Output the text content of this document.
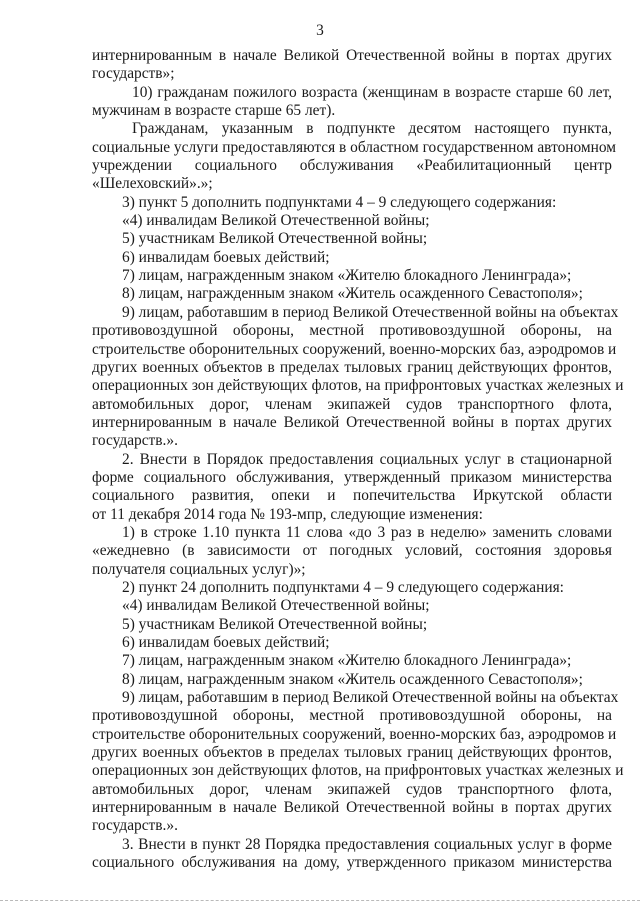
3
интернированным в начале Великой Отечественной войны в портах других
государств»;
10) гражданам пожилого возраста (женщинам в возрасте старше 60 лет,
мужчинам в возрасте старше 65 лет).
Гражданам, указанным в подпункте десятом настоящего пункта,
социальные услуги предоставляются в областном государственном автономном
учреждении социального обслуживания «Реабилитационный центр
«Шелеховский».»;
3) пункт 5 дополнить подпунктами 4 – 9 следующего содержания:
«4) инвалидам Великой Отечественной войны;
5) участникам Великой Отечественной войны;
6) инвалидам боевых действий;
7) лицам, награжденным знаком «Жителю блокадного Ленинграда»;
8) лицам, награжденным знаком «Житель осажденного Севастополя»;
9) лицам, работавшим в период Великой Отечественной войны на объектах
противовоздушной обороны, местной противовоздушной обороны, на
строительстве оборонительных сооружений, военно-морских баз, аэродромов и
других военных объектов в пределах тыловых границ действующих фронтов,
операционных зон действующих флотов, на прифронтовых участках железных и
автомобильных дорог, членам экипажей судов транспортного флота,
интернированным в начале Великой Отечественной войны в портах других
государств.».
2. Внести в Порядок предоставления социальных услуг в стационарной
форме социального обслуживания, утвержденный приказом министерства
социального развития, опеки и попечительства Иркутской области
от 11 декабря 2014 года № 193-мпр, следующие изменения:
1) в строке 1.10 пункта 11 слова «до 3 раз в неделю» заменить словами
«ежедневно (в зависимости от погодных условий, состояния здоровья
получателя социальных услуг)»;
2) пункт 24 дополнить подпунктами 4 – 9 следующего содержания:
«4) инвалидам Великой Отечественной войны;
5) участникам Великой Отечественной войны;
6) инвалидам боевых действий;
7) лицам, награжденным знаком «Жителю блокадного Ленинграда»;
8) лицам, награжденным знаком «Житель осажденного Севастополя»;
9) лицам, работавшим в период Великой Отечественной войны на объектах
противовоздушной обороны, местной противовоздушной обороны, на
строительстве оборонительных сооружений, военно-морских баз, аэродромов и
других военных объектов в пределах тыловых границ действующих фронтов,
операционных зон действующих флотов, на прифронтовых участках железных и
автомобильных дорог, членам экипажей судов транспортного флота,
интернированным в начале Великой Отечественной войны в портах других
государств.».
3. Внести в пункт 28 Порядка предоставления социальных услуг в форме
социального обслуживания на дому, утвержденного приказом министерства
